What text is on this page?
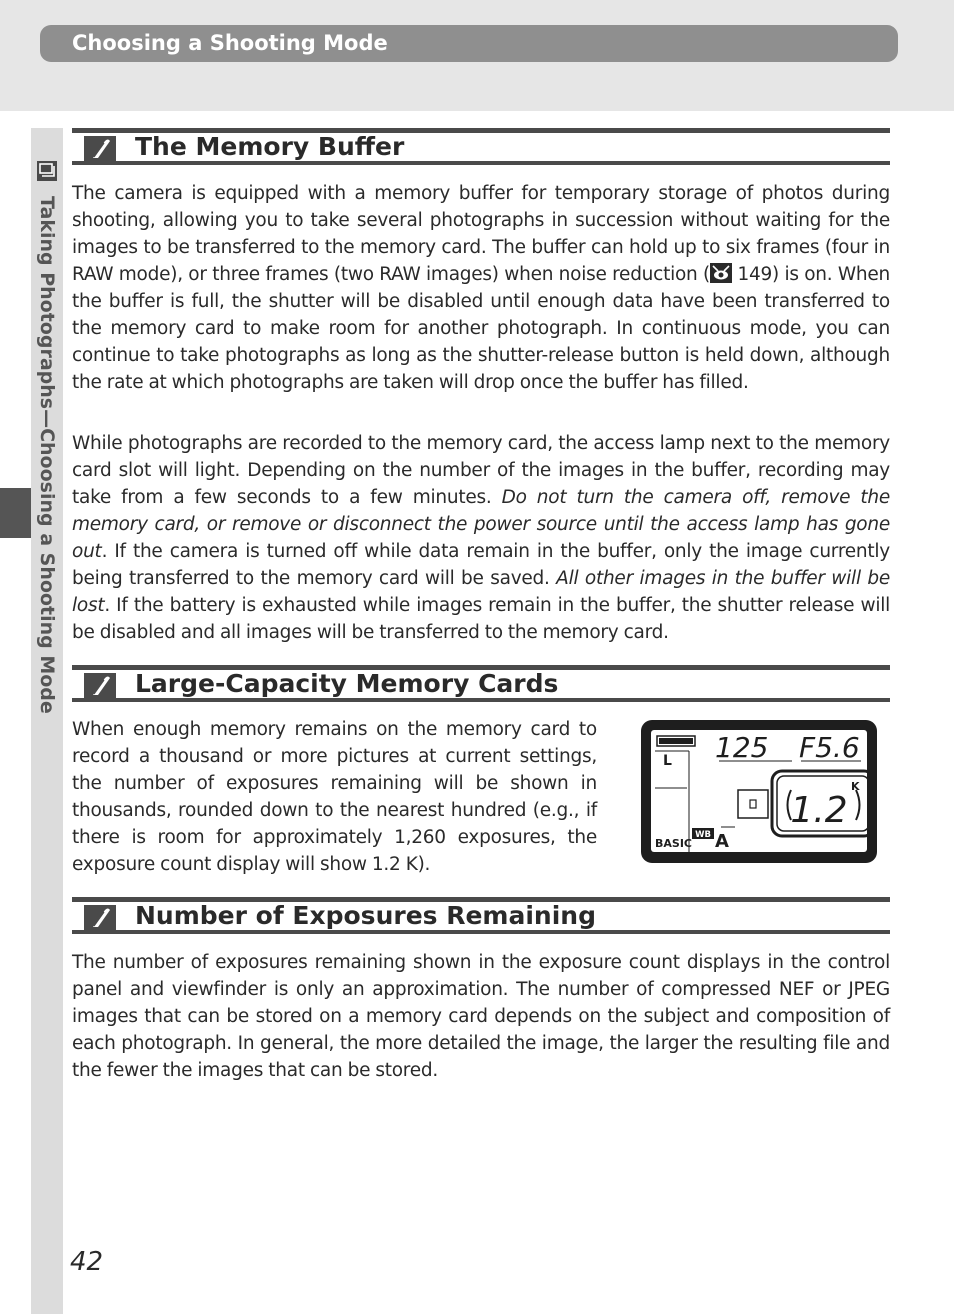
Choosing a Shooting Mode
Taking Photographs—Choosing a Shooting Mode
The Memory Buffer

The camera is equipped with a memory buffer for temporary storage of photos during shooting, allowing you to take several photographs in succession without waiting for the images to be transferred to the memory card. The buffer can hold up to six frames (four in RAW mode), or three frames (two RAW images) when noise reduction ( 149) is on. When the buffer is full, the shutter will be disabled until enough data have been transferred to the memory card to make room for another photograph. In continuous mode, you can continue to take photographs as long as the shutter-release button is held down, although the rate at which photographs are taken will drop once the buffer has filled.

While photographs are recorded to the memory card, the access lamp next to the memory card slot will light. Depending on the number of the images in the buffer, recording may take from a few seconds to a few minutes. Do not turn the camera off, remove the memory card, or remove or disconnect the power source until the access lamp has gone out. If the camera is turned off while data remain in the buffer, only the image currently being transferred to the memory card will be saved. All other images in the buffer will be lost. If the battery is exhausted while images remain in the buffer, the shutter release will be disabled and all images will be transferred to the memory card.

Large-Capacity Memory Cards

When enough memory remains on the memory card to record a thousand or more pictures at current settings, the number of exposures remaining will be shown in thousands, rounded down to the nearest hundred (e.g., if there is room for approximately 1,260 exposures, the exposure count display will show 1.2 K).

L 125 F5.6
K
1.2
BASIC
WB A
Number of Exposures Remaining

The number of exposures remaining shown in the exposure count displays in the control panel and viewfinder is only an approximation. The number of compressed NEF or JPEG images that can be stored on a memory card depends on the subject and composition of each photograph. In general, the more detailed the image, the larger the resulting file and the fewer the images that can be stored.

42
